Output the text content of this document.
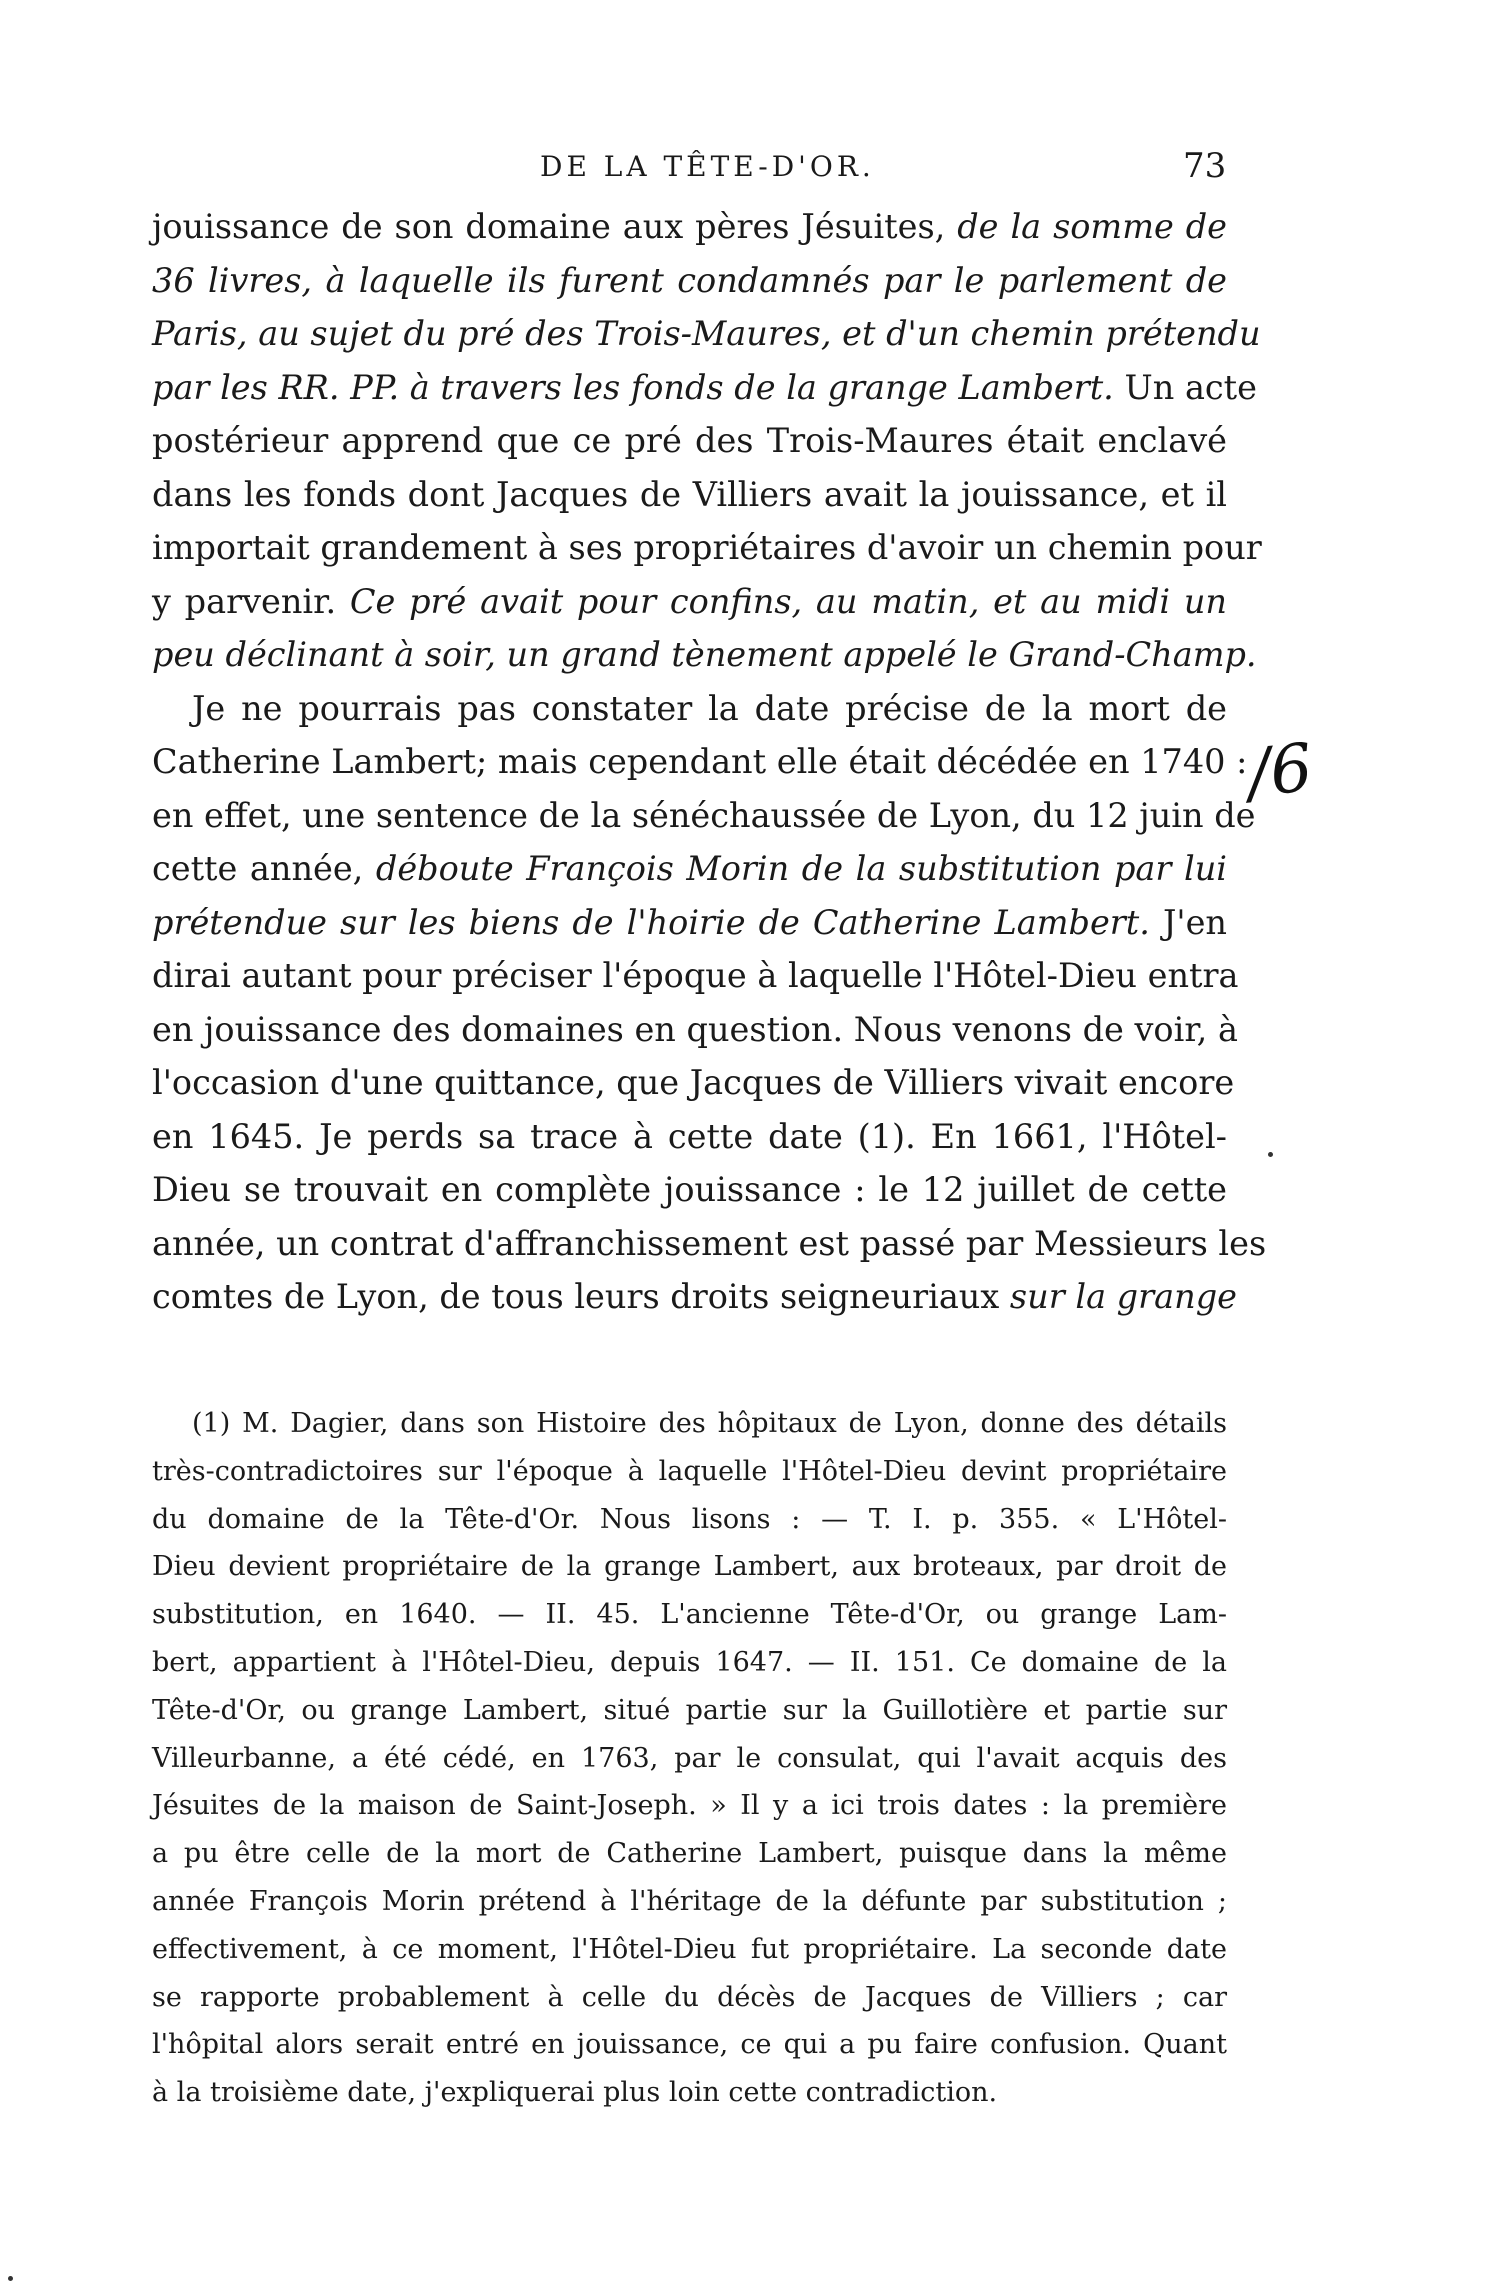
DE LA TÊTE-D'OR.	73
/6
jouissance de son domaine aux pères Jésuites, de la somme de
36 livres, à laquelle ils furent condamnés par le parlement de
Paris, au sujet du pré des Trois-Maures, et d'un chemin prétendu
par les RR. PP. à travers les fonds de la grange Lambert. Un acte
postérieur apprend que ce pré des Trois-Maures était enclavé
dans les fonds dont Jacques de Villiers avait la jouissance, et il
importait grandement à ses propriétaires d'avoir un chemin pour
y parvenir. Ce pré avait pour confins, au matin, et au midi un
peu déclinant à soir, un grand tènement appelé le Grand-Champ.
Je ne pourrais pas constater la date précise de la mort de
Catherine Lambert; mais cependant elle était décédée en 1740 :
en effet, une sentence de la sénéchaussée de Lyon, du 12 juin de
cette année, déboute François Morin de la substitution par lui
prétendue sur les biens de l'hoirie de Catherine Lambert. J'en
dirai autant pour préciser l'époque à laquelle l'Hôtel-Dieu entra
en jouissance des domaines en question. Nous venons de voir, à
l'occasion d'une quittance, que Jacques de Villiers vivait encore
en 1645. Je perds sa trace à cette date (1). En 1661, l'Hôtel-
Dieu se trouvait en complète jouissance : le 12 juillet de cette
année, un contrat d'affranchissement est passé par Messieurs les
comtes de Lyon, de tous leurs droits seigneuriaux sur la grange
(1) M. Dagier, dans son Histoire des hôpitaux de Lyon, donne des détails
très-contradictoires sur l'époque à laquelle l'Hôtel-Dieu devint propriétaire
du domaine de la Tête-d'Or. Nous lisons : — T. I. p. 355. « L'Hôtel-
Dieu devient propriétaire de la grange Lambert, aux broteaux, par droit de
substitution, en 1640. — II. 45. L'ancienne Tête-d'Or, ou grange Lam-
bert, appartient à l'Hôtel-Dieu, depuis 1647. — II. 151. Ce domaine de la
Tête-d'Or, ou grange Lambert, situé partie sur la Guillotière et partie sur
Villeurbanne, a été cédé, en 1763, par le consulat, qui l'avait acquis des
Jésuites de la maison de Saint-Joseph. » Il y a ici trois dates : la première
a pu être celle de la mort de Catherine Lambert, puisque dans la même
année François Morin prétend à l'héritage de la défunte par substitution ;
effectivement, à ce moment, l'Hôtel-Dieu fut propriétaire. La seconde date
se rapporte probablement à celle du décès de Jacques de Villiers ; car
l'hôpital alors serait entré en jouissance, ce qui a pu faire confusion. Quant
à la troisième date, j'expliquerai plus loin cette contradiction.
